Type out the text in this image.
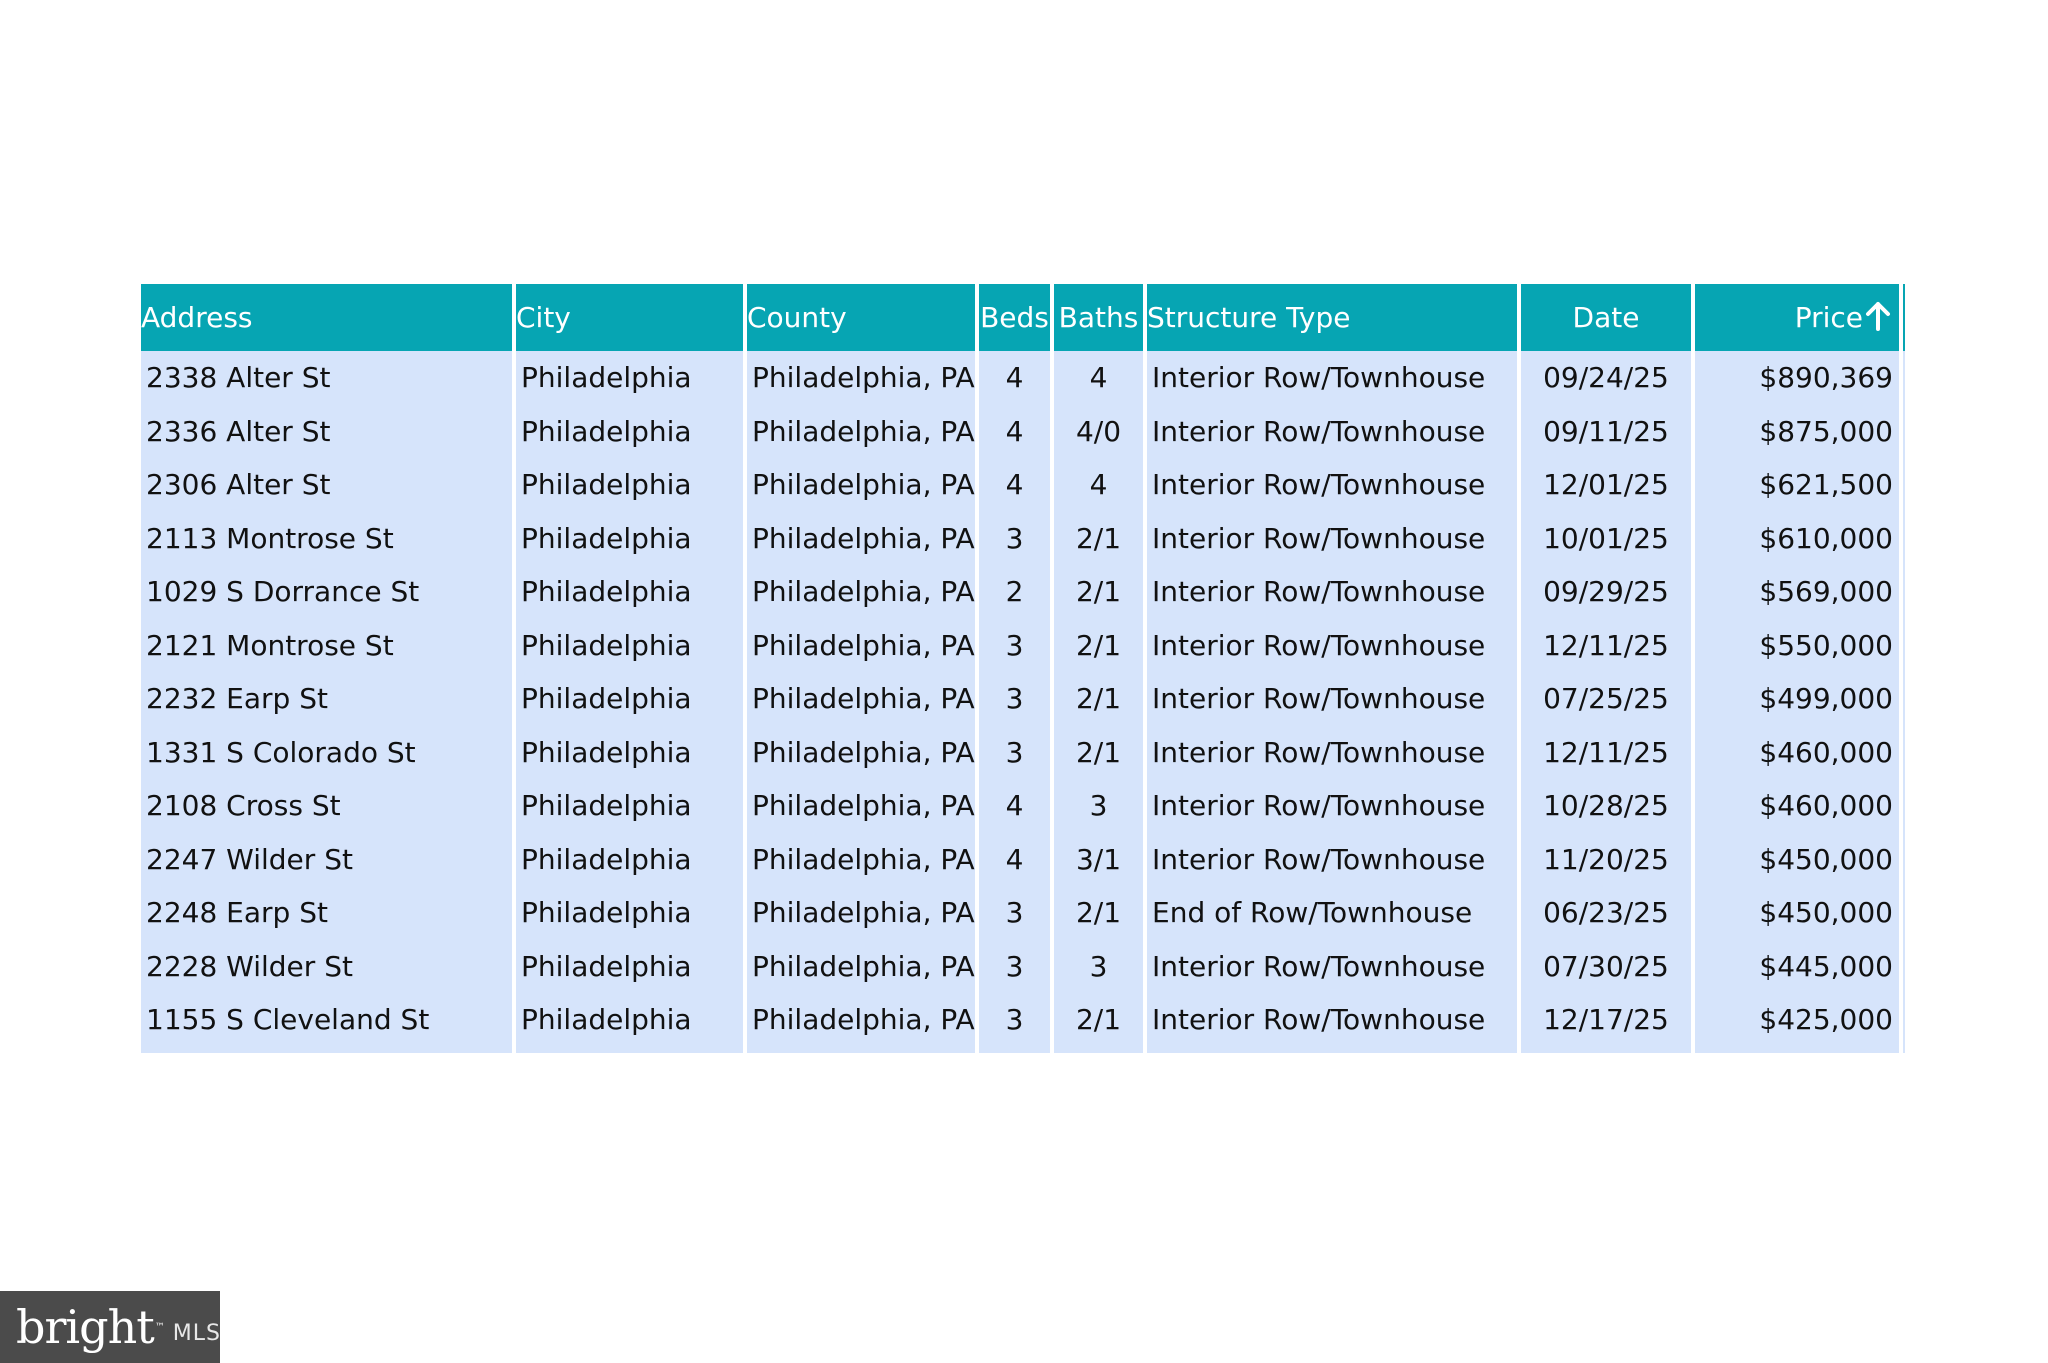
Address	City	County	Beds	Baths	Structure Type	Date	Price	
2338 Alter St	Philadelphia	Philadelphia, PA	4	4	Interior Row/Townhouse	09/24/25	$890,369	
2336 Alter St	Philadelphia	Philadelphia, PA	4	4/0	Interior Row/Townhouse	09/11/25	$875,000	
2306 Alter St	Philadelphia	Philadelphia, PA	4	4	Interior Row/Townhouse	12/01/25	$621,500	
2113 Montrose St	Philadelphia	Philadelphia, PA	3	2/1	Interior Row/Townhouse	10/01/25	$610,000	
1029 S Dorrance St	Philadelphia	Philadelphia, PA	2	2/1	Interior Row/Townhouse	09/29/25	$569,000	
2121 Montrose St	Philadelphia	Philadelphia, PA	3	2/1	Interior Row/Townhouse	12/11/25	$550,000	
2232 Earp St	Philadelphia	Philadelphia, PA	3	2/1	Interior Row/Townhouse	07/25/25	$499,000	
1331 S Colorado St	Philadelphia	Philadelphia, PA	3	2/1	Interior Row/Townhouse	12/11/25	$460,000	
2108 Cross St	Philadelphia	Philadelphia, PA	4	3	Interior Row/Townhouse	10/28/25	$460,000	
2247 Wilder St	Philadelphia	Philadelphia, PA	4	3/1	Interior Row/Townhouse	11/20/25	$450,000	
2248 Earp St	Philadelphia	Philadelphia, PA	3	2/1	End of Row/Townhouse	06/23/25	$450,000	
2228 Wilder St	Philadelphia	Philadelphia, PA	3	3	Interior Row/Townhouse	07/30/25	$445,000	
1155 S Cleveland St	Philadelphia	Philadelphia, PA	3	2/1	Interior Row/Townhouse	12/17/25	$425,000	
bright ™ MLS
